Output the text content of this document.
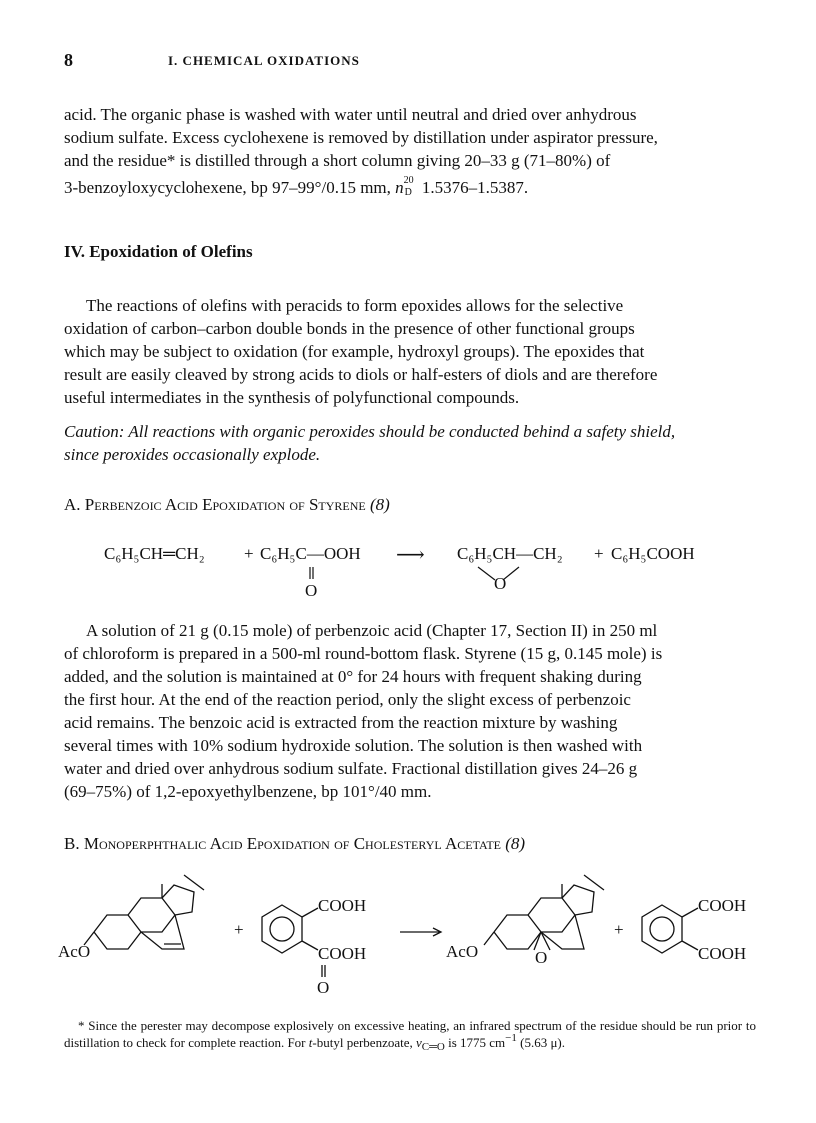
8	I. CHEMICAL OXIDATIONS
acid. The organic phase is washed with water until neutral and dried over anhydrous
sodium sulfate. Excess cyclohexene is removed by distillation under aspirator pressure,
and the residue* is distilled through a short column giving 20–33 g (71–80%) of
3-benzoyloxycyclohexene, bp 97–99°/0.15 mm, n 20
D 1.5376–1.5387.
IV. Epoxidation of Olefins
The reactions of olefins with peracids to form epoxides allows for the selective
oxidation of carbon–carbon double bonds in the presence of other functional groups
which may be subject to oxidation (for example, hydroxyl groups). The epoxides that
result are easily cleaved by strong acids to diols or half-esters of diols and are therefore
useful intermediates in the synthesis of polyfunctional compounds.
Caution: All reactions with organic peroxides should be conducted behind a safety shield,
since peroxides occasionally explode.
A. Perbenzoic Acid Epoxidation of Styrene (8)
C₆H₅CH═CH₂ + C₆H₅C—OOH
O
⟶ C₆H₅CH—CH₂
O
+ C₆H₅COOH
A solution of 21 g (0.15 mole) of perbenzoic acid (Chapter 17, Section II) in 250 ml
of chloroform is prepared in a 500-ml round-bottom flask. Styrene (15 g, 0.145 mole) is
added, and the solution is maintained at 0° for 24 hours with frequent shaking during
the first hour. At the end of the reaction period, only the slight excess of perbenzoic
acid remains. The benzoic acid is extracted from the reaction mixture by washing
several times with 10% sodium hydroxide solution. The solution is then washed with
water and dried over anhydrous sodium sulfate. Fractional distillation gives 24–26 g
(69–75%) of 1,2-epoxyethylbenzene, bp 101°/40 mm.
B. Monoperphthalic Acid Epoxidation of Cholesteryl Acetate (8)
AcO
+
COOH
COOH
O
AcO	O
+
COOH
COOH
* Since the perester may decompose explosively on excessive heating, an infrared spectrum of the residue should be run prior to distillation to check for complete reaction. For t-butyl perbenzoate, $\nu_{C═O}$ is 1775 $cm^{-1}$ (5.63 μ).
